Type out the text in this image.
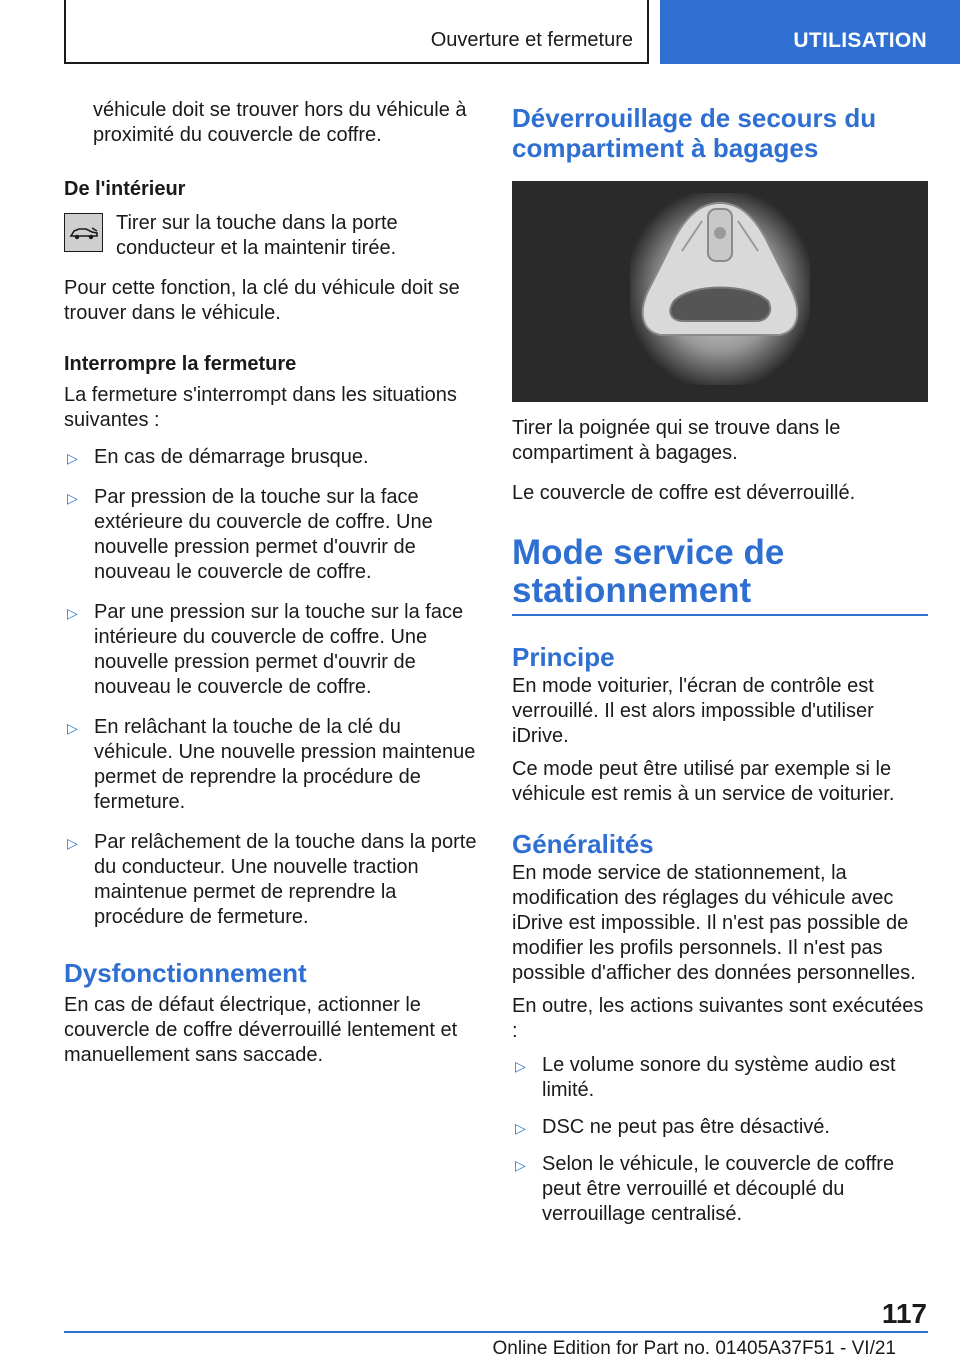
Ouverture et fermeture	UTILISATION

véhicule doit se trouver hors du véhicule à proximité du couvercle de coffre.

De l'intérieur

Tirer sur la touche dans la porte conducteur et la maintenir tirée.

Pour cette fonction, la clé du véhicule doit se trouver dans le véhicule.

Interrompre la fermeture

La fermeture s'interrompt dans les situations suivantes :

▷ En cas de démarrage brusque.
▷ Par pression de la touche sur la face extérieure du couvercle de coffre. Une nouvelle pression permet d'ouvrir de nouveau le couvercle de coffre.
▷ Par une pression sur la touche sur la face intérieure du couvercle de coffre. Une nouvelle pression permet d'ouvrir de nouveau le couvercle de coffre.
▷ En relâchant la touche de la clé du véhicule. Une nouvelle pression maintenue permet de reprendre la procédure de fermeture.
▷ Par relâchement de la touche dans la porte du conducteur. Une nouvelle traction maintenue permet de reprendre la procédure de fermeture.
Dysfonctionnement

En cas de défaut électrique, actionner le couvercle de coffre déverrouillé lentement et manuellement sans saccade.

Déverrouillage de secours du compartiment à bagages

Tirer la poignée qui se trouve dans le compartiment à bagages.

Le couvercle de coffre est déverrouillé.

Mode service de stationnement
Principe

En mode voiturier, l'écran de contrôle est verrouillé. Il est alors impossible d'utiliser iDrive.

Ce mode peut être utilisé par exemple si le véhicule est remis à un service de voiturier.

Généralités

En mode service de stationnement, la modification des réglages du véhicule avec iDrive est impossible. Il n'est pas possible de modifier les profils personnels. Il n'est pas possible d'afficher des données personnelles.

En outre, les actions suivantes sont exécutées :

▷ Le volume sonore du système audio est limité.
▷ DSC ne peut pas être désactivé.
▷ Selon le véhicule, le couvercle de coffre peut être verrouillé et découplé du verrouillage centralisé.
117
Online Edition for Part no. 01405A37F51 - VI/21
